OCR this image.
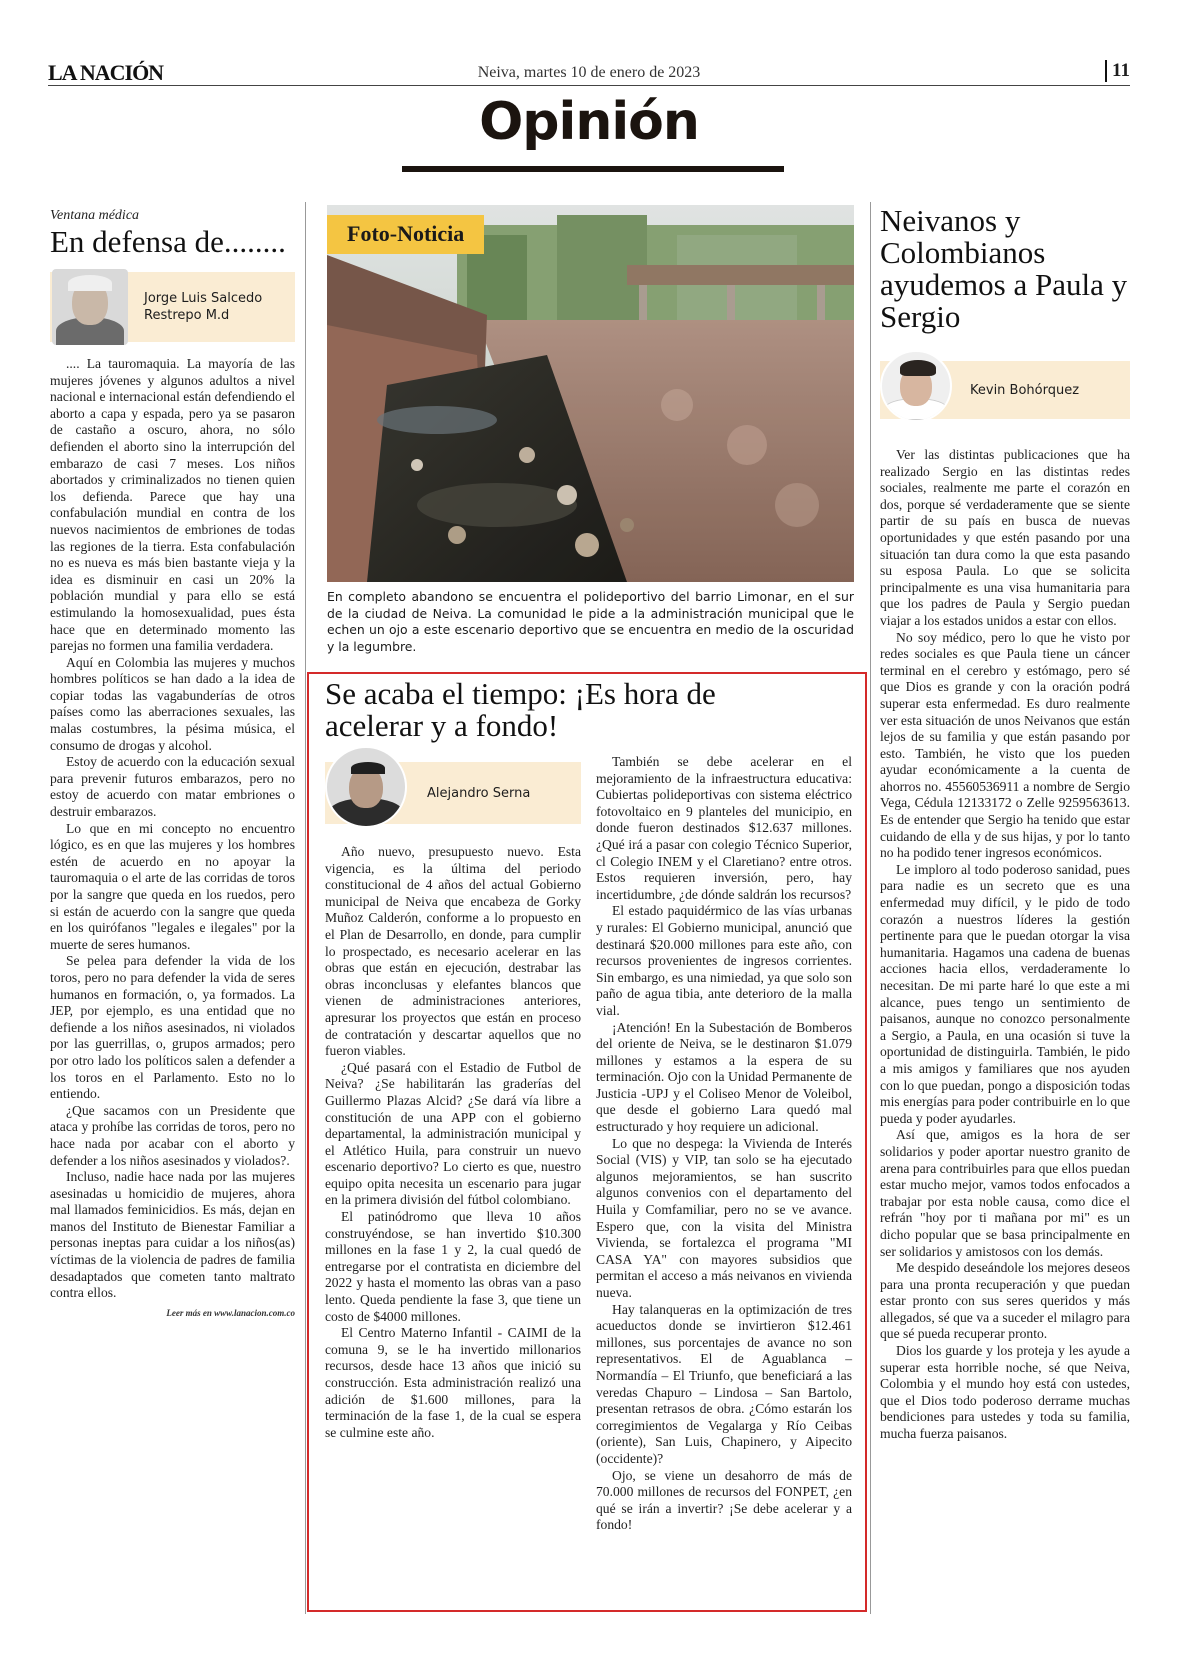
LA NACIÓN	Neiva, martes 10 de enero de 2023	11
Opinión
Ventana médica
En defensa de........
Jorge Luis Salcedo Restrepo M.d

.... La tauromaquia. La mayoría de las mujeres jóvenes y algunos adultos a nivel nacional e internacional están defendiendo el aborto a capa y espada, pero ya se pasaron de castaño a oscuro, ahora, no sólo defienden el aborto sino la interrupción del embarazo de casi 7 meses. Los niños abortados y criminalizados no tienen quien los defienda. Parece que hay una confabulación mundial en contra de los nuevos nacimientos de embriones de todas las regiones de la tierra. Esta confabulación no es nueva es más bien bastante vieja y la idea es disminuir en casi un 20% la población mundial y para ello se está estimulando la homosexualidad, pues ésta hace que en determinado momento las parejas no formen una familia verdadera.

Aquí en Colombia las mujeres y muchos hombres políticos se han dado a la idea de copiar todas las vagabunderías de otros países como las aberraciones sexuales, las malas costumbres, la pésima música, el consumo de drogas y alcohol.

Estoy de acuerdo con la educación sexual para prevenir futuros embarazos, pero no estoy de acuerdo con matar embriones o destruir embarazos.

Lo que en mi concepto no encuentro lógico, es en que las mujeres y los hombres estén de acuerdo en no apoyar la tauromaquia o el arte de las corridas de toros por la sangre que queda en los ruedos, pero si están de acuerdo con la sangre que queda en los quirófanos "legales e ilegales" por la muerte de seres humanos.

Se pelea para defender la vida de los toros, pero no para defender la vida de seres humanos en formación, o, ya formados. La JEP, por ejemplo, es una entidad que no defiende a los niños asesinados, ni violados por las guerrillas, o, grupos armados; pero por otro lado los políticos salen a defender a los toros en el Parlamento. Esto no lo entiendo.

¿Que sacamos con un Presidente que ataca y prohíbe las corridas de toros, pero no hace nada por acabar con el aborto y defender a los niños asesinados y violados?.

Incluso, nadie hace nada por las mujeres asesinadas u homicidio de mujeres, ahora mal llamados feminicidios. Es más, dejan en manos del Instituto de Bienestar Familiar a personas ineptas para cuidar a los niños(as) víctimas de la violencia de padres de familia desadaptados que cometen tanto maltrato contra ellos.

Leer más en www.lanacion.com.co
Foto-Noticia
En completo abandono se encuentra el polideportivo del barrio Limonar, en el sur de la ciudad de Neiva. La comunidad le pide a la administración municipal que le echen un ojo a este escenario deportivo que se encuentra en medio de la oscuridad y la legumbre.
Se acaba el tiempo: ¡Es hora de acelerar y a fondo!
Alejandro Serna

Año nuevo, presupuesto nuevo. Esta vigencia, es la última del periodo constitucional de 4 años del actual Gobierno municipal de Neiva que encabeza de Gorky Muñoz Calderón, conforme a lo propuesto en el Plan de Desarrollo, en donde, para cumplir lo prospectado, es necesario acelerar en las obras que están en ejecución, destrabar las obras inconclusas y elefantes blancos que vienen de administraciones anteriores, apresurar los proyectos que están en proceso de contratación y descartar aquellos que no fueron viables.

¿Qué pasará con el Estadio de Futbol de Neiva? ¿Se habilitarán las graderías del Guillermo Plazas Alcid? ¿Se dará vía libre a constitución de una APP con el gobierno departamental, la administración municipal y el Atlético Huila, para construir un nuevo escenario deportivo? Lo cierto es que, nuestro equipo opita necesita un escenario para jugar en la primera división del fútbol colombiano.

El patinódromo que lleva 10 años construyéndose, se han invertido $10.300 millones en la fase 1 y 2, la cual quedó de entregarse por el contratista en diciembre del 2022 y hasta el momento las obras van a paso lento. Queda pendiente la fase 3, que tiene un costo de $4000 millones.

El Centro Materno Infantil - CAIMI de la comuna 9, se le ha invertido millonarios recursos, desde hace 13 años que inició su construcción. Esta administración realizó una adición de $1.600 millones, para la terminación de la fase 1, de la cual se espera se culmine este año.

También se debe acelerar en el mejoramiento de la infraestructura educativa: Cubiertas polideportivas con sistema eléctrico fotovoltaico en 9 planteles del municipio, en donde fueron destinados $12.637 millones. ¿Qué irá a pasar con colegio Técnico Superior, cl Colegio INEM y el Claretiano? entre otros. Estos requieren inversión, pero, hay incertidumbre, ¿de dónde saldrán los recursos?

El estado paquidérmico de las vías urbanas y rurales: El Gobierno municipal, anunció que destinará $20.000 millones para este año, con recursos provenientes de ingresos corrientes. Sin embargo, es una nimiedad, ya que solo son paño de agua tibia, ante deterioro de la malla vial.

¡Atención! En la Subestación de Bomberos del oriente de Neiva, se le destinaron $1.079 millones y estamos a la espera de su terminación. Ojo con la Unidad Permanente de Justicia -UPJ y el Coliseo Menor de Voleibol, que desde el gobierno Lara quedó mal estructurado y hoy requiere un adicional.

Lo que no despega: la Vivienda de Interés Social (VIS) y VIP, tan solo se ha ejecutado algunos mejoramientos, se han suscrito algunos convenios con el departamento del Huila y Comfamiliar, pero no se ve avance. Espero que, con la visita del Ministra Vivienda, se fortalezca el programa "MI CASA YA" con mayores subsidios que permitan el acceso a más neivanos en vivienda nueva.

Hay talanqueras en la optimización de tres acueductos donde se invirtieron $12.461 millones, sus porcentajes de avance no son representativos. El de Aguablanca – Normandía – El Triunfo, que beneficiará a las veredas Chapuro – Lindosa – San Bartolo, presentan retrasos de obra. ¿Cómo estarán los corregimientos de Vegalarga y Río Ceibas (oriente), San Luis, Chapinero, y Aipecito (occidente)?

Ojo, se viene un desahorro de más de 70.000 millones de recursos del FONPET, ¿en qué se irán a invertir? ¡Se debe acelerar y a fondo!

Neivanos y Colombianos ayudemos a Paula y Sergio
Kevin Bohórquez

Ver las distintas publicaciones que ha realizado Sergio en las distintas redes sociales, realmente me parte el corazón en dos, porque sé verdaderamente que se siente partir de su país en busca de nuevas oportunidades y que estén pasando por una situación tan dura como la que esta pasando su esposa Paula. Lo que se solicita principalmente es una visa humanitaria para que los padres de Paula y Sergio puedan viajar a los estados unidos a estar con ellos.

No soy médico, pero lo que he visto por redes sociales es que Paula tiene un cáncer terminal en el cerebro y estómago, pero sé que Dios es grande y con la oración podrá superar esta enfermedad. Es duro realmente ver esta situación de unos Neivanos que están lejos de su familia y que están pasando por esto. También, he visto que los pueden ayudar económicamente a la cuenta de ahorros no. 45560536911 a nombre de Sergio Vega, Cédula 12133172 o Zelle 9259563613. Es de entender que Sergio ha tenido que estar cuidando de ella y de sus hijas, y por lo tanto no ha podido tener ingresos económicos.

Le imploro al todo poderoso sanidad, pues para nadie es un secreto que es una enfermedad muy difícil, y le pido de todo corazón a nuestros líderes la gestión pertinente para que le puedan otorgar la visa humanitaria. Hagamos una cadena de buenas acciones hacia ellos, verdaderamente lo necesitan. De mi parte haré lo que este a mi alcance, pues tengo un sentimiento de paisanos, aunque no conozco personalmente a Sergio, a Paula, en una ocasión si tuve la oportunidad de distinguirla. También, le pido a mis amigos y familiares que nos ayuden con lo que puedan, pongo a disposición todas mis energías para poder contribuirle en lo que pueda y poder ayudarles.

Así que, amigos es la hora de ser solidarios y poder aportar nuestro granito de arena para contribuirles para que ellos puedan estar mucho mejor, vamos todos enfocados a trabajar por esta noble causa, como dice el refrán "hoy por ti mañana por mi" es un dicho popular que se basa principalmente en ser solidarios y amistosos con los demás.

Me despido deseándole los mejores deseos para una pronta recuperación y que puedan estar pronto con sus seres queridos y más allegados, sé que va a suceder el milagro para que sé pueda recuperar pronto.

Dios los guarde y los proteja y les ayude a superar esta horrible noche, sé que Neiva, Colombia y el mundo hoy está con ustedes, que el Dios todo poderoso derrame muchas bendiciones para ustedes y toda su familia, mucha fuerza paisanos.
